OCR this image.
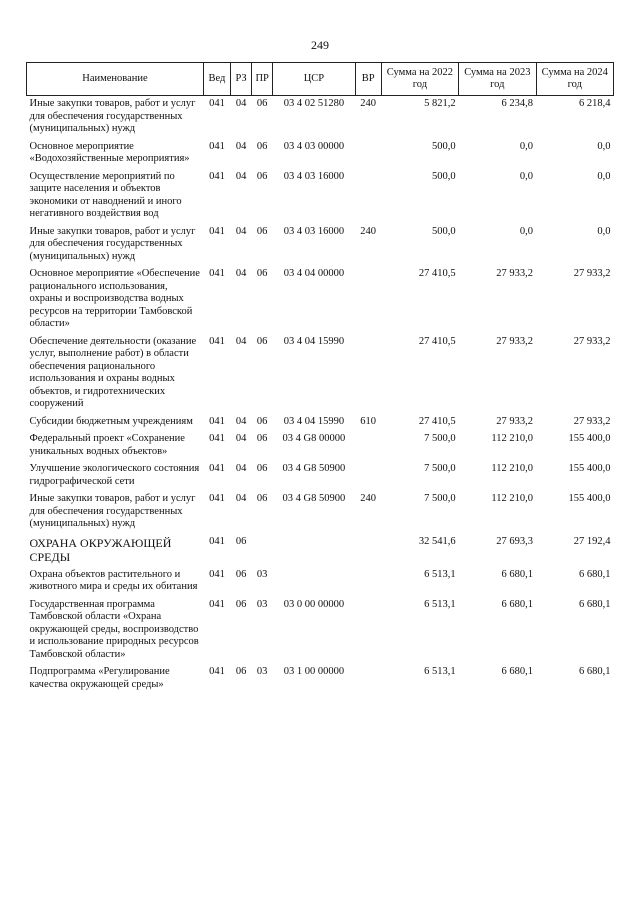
249
Наименование	Вед	РЗ	ПР	ЦСР	ВР	Сумма на 2022 год	Сумма на 2023 год	Сумма на 2024 год
Иные закупки товаров, работ и услуг для обеспечения государственных (муниципальных) нужд	041	04	06	03 4 02 51280	240	5 821,2	6 234,8	6 218,4
Основное мероприятие «Водохозяйственные мероприятия»	041	04	06	03 4 03 00000		500,0	0,0	0,0
Осуществление мероприятий по защите населения и объектов экономики от наводнений и иного негативного воздействия вод	041	04	06	03 4 03 16000		500,0	0,0	0,0
Иные закупки товаров, работ и услуг для обеспечения государственных (муниципальных) нужд	041	04	06	03 4 03 16000	240	500,0	0,0	0,0
Основное мероприятие «Обеспечение рационального использования, охраны и воспроизводства водных ресурсов на территории Тамбовской области»	041	04	06	03 4 04 00000		27 410,5	27 933,2	27 933,2
Обеспечение деятельности (оказание услуг, выполнение работ) в области обеспечения рационального использования и охраны водных объектов, и гидротехнических сооружений	041	04	06	03 4 04 15990		27 410,5	27 933,2	27 933,2
Субсидии бюджетным учреждениям	041	04	06	03 4 04 15990	610	27 410,5	27 933,2	27 933,2
Федеральный проект «Сохранение уникальных водных объектов»	041	04	06	03 4 G8 00000		7 500,0	112 210,0	155 400,0
Улучшение экологического состояния гидрографической сети	041	04	06	03 4 G8 50900		7 500,0	112 210,0	155 400,0
Иные закупки товаров, работ и услуг для обеспечения государственных (муниципальных) нужд	041	04	06	03 4 G8 50900	240	7 500,0	112 210,0	155 400,0
ОХРАНА ОКРУЖАЮЩЕЙ СРЕДЫ	041	06				32 541,6	27 693,3	27 192,4
Охрана объектов растительного и животного мира и среды их обитания	041	06	03			6 513,1	6 680,1	6 680,1
Государственная программа Тамбовской области «Охрана окружающей среды, воспроизводство и использование природных ресурсов Тамбовской области»	041	06	03	03 0 00 00000		6 513,1	6 680,1	6 680,1
Подпрограмма «Регулирование качества окружающей среды»	041	06	03	03 1 00 00000		6 513,1	6 680,1	6 680,1
